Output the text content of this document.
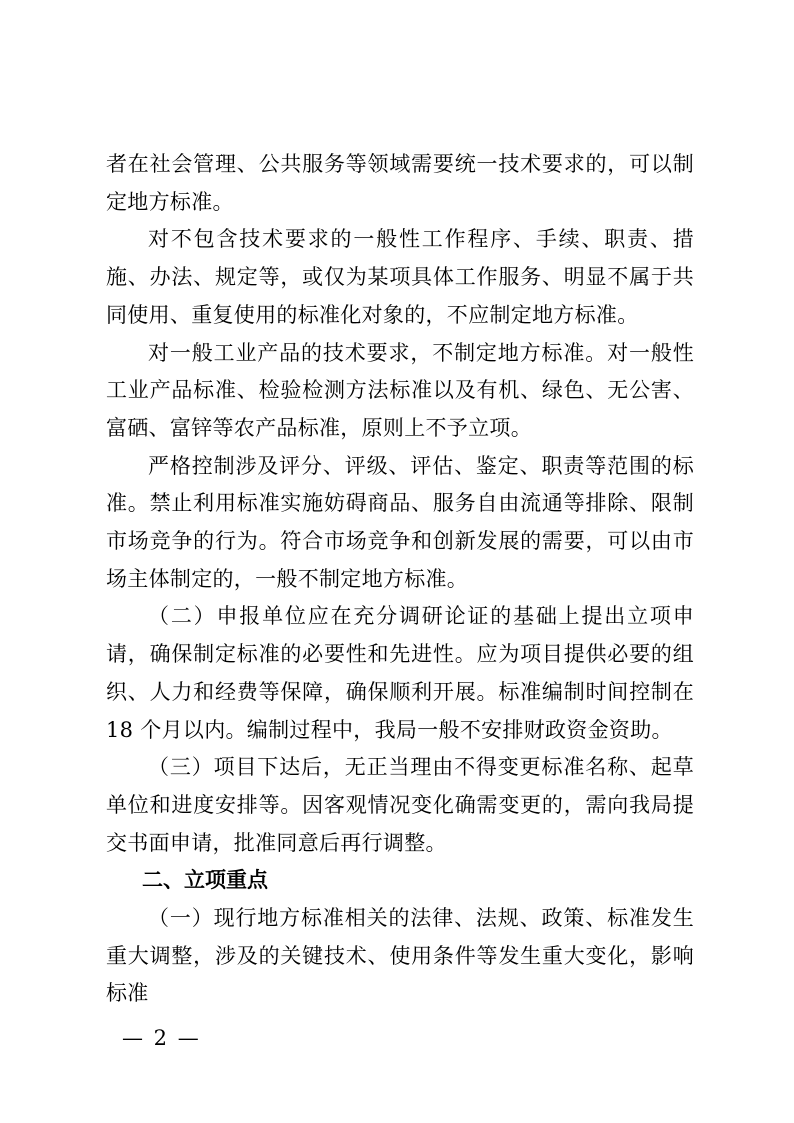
者在社会管理、公共服务等领域需要统一技术要求的，可以制定地方标准。

对不包含技术要求的一般性工作程序、手续、职责、措施、办法、规定等，或仅为某项具体工作服务、明显不属于共同使用、重复使用的标准化对象的，不应制定地方标准。

对一般工业产品的技术要求，不制定地方标准。对一般性工业产品标准、检验检测方法标准以及有机、绿色、无公害、富硒、富锌等农产品标准，原则上不予立项。

严格控制涉及评分、评级、评估、鉴定、职责等范围的标准。禁止利用标准实施妨碍商品、服务自由流通等排除、限制市场竞争的行为。符合市场竞争和创新发展的需要，可以由市场主体制定的，一般不制定地方标准。

（二）申报单位应在充分调研论证的基础上提出立项申请，确保制定标准的必要性和先进性。应为项目提供必要的组织、人力和经费等保障，确保顺利开展。标准编制时间控制在 18 个月以内。编制过程中，我局一般不安排财政资金资助。

（三）项目下达后，无正当理由不得变更标准名称、起草单位和进度安排等。因客观情况变化确需变更的，需向我局提交书面申请，批准同意后再行调整。

二、立项重点

（一）现行地方标准相关的法律、法规、政策、标准发生重大调整，涉及的关键技术、使用条件等发生重大变化，影响标准

— 2 —
